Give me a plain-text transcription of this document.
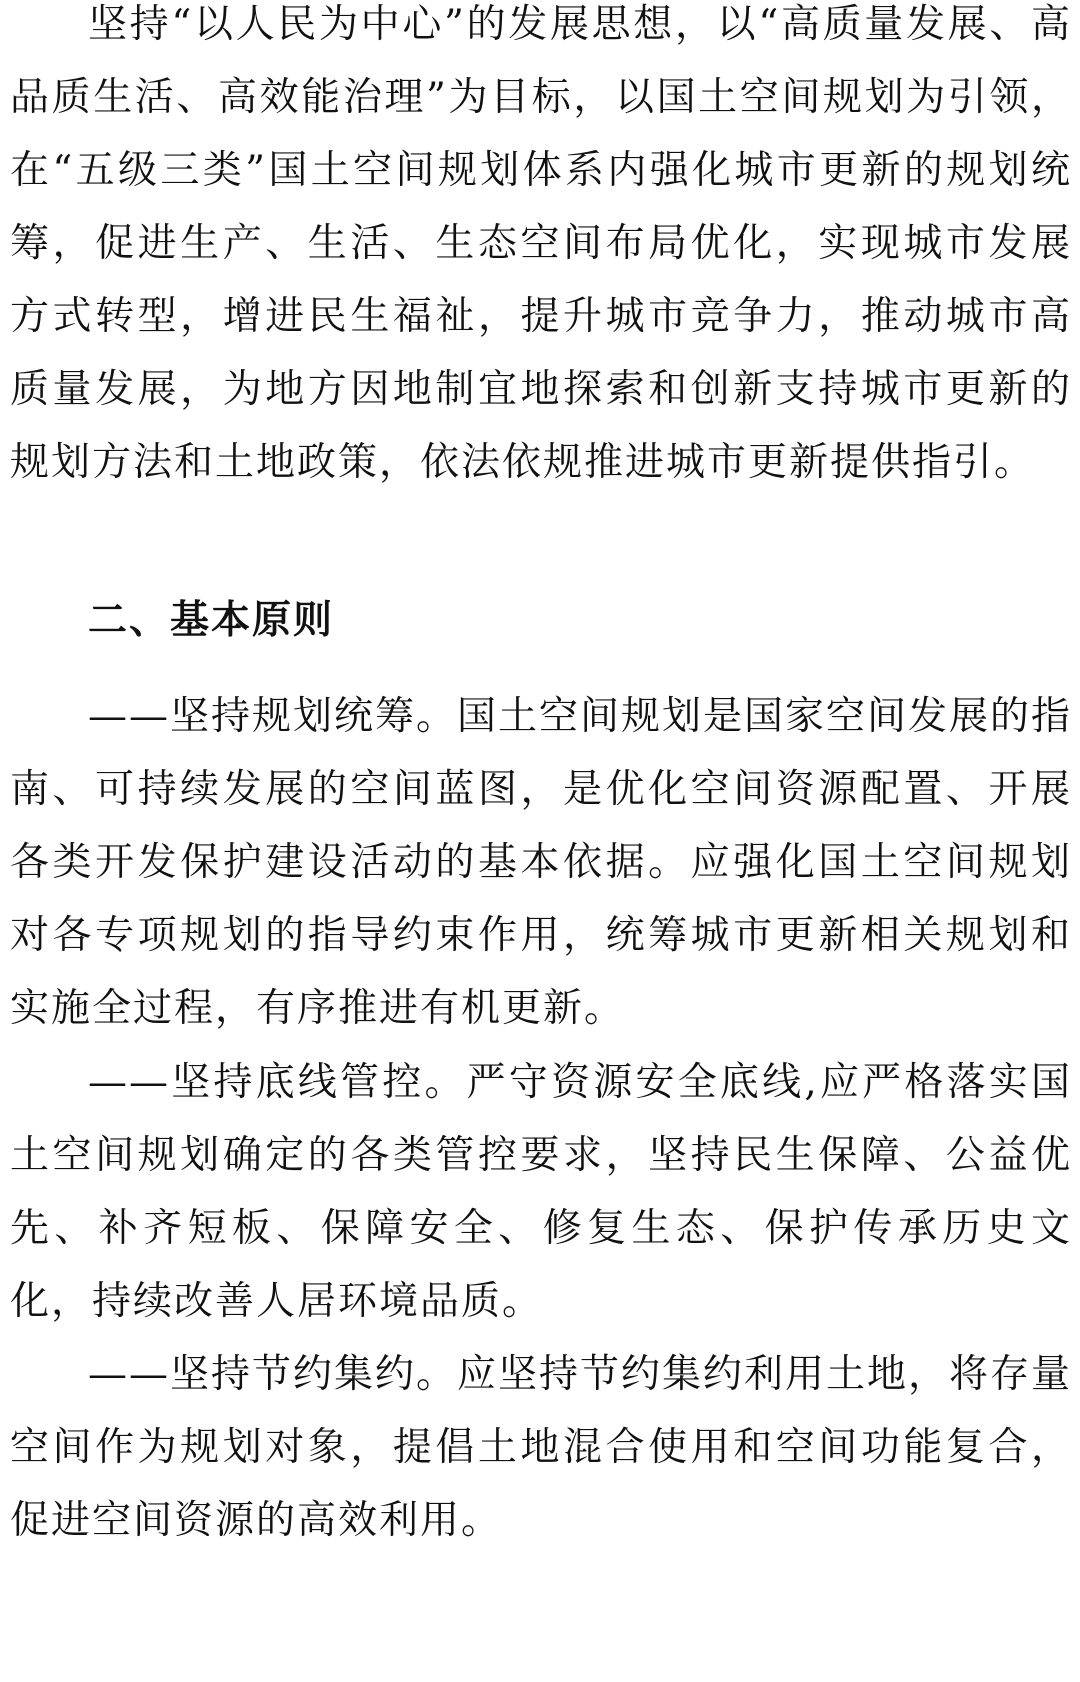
坚持“以人民为中心”的发展思想，以“高质量发展、高品质生活、高效能治理”为目标，以国土空间规划为引领，在“五级三类”国土空间规划体系内强化城市更新的规划统筹，促进生产、生活、生态空间布局优化，实现城市发展方式转型，增进民生福祉，提升城市竞争力，推动城市高质量发展，为地方因地制宜地探索和创新支持城市更新的规划方法和土地政策，依法依规推进城市更新提供指引。

二、基本原则

——坚持规划统筹。国土空间规划是国家空间发展的指南、可持续发展的空间蓝图，是优化空间资源配置、开展各类开发保护建设活动的基本依据。应强化国土空间规划对各专项规划的指导约束作用，统筹城市更新相关规划和实施全过程，有序推进有机更新。

——坚持底线管控。严守资源安全底线,应严格落实国土空间规划确定的各类管控要求，坚持民生保障、公益优先、补齐短板、保障安全、修复生态、保护传承历史文化，持续改善人居环境品质。

——坚持节约集约。应坚持节约集约利用土地，将存量空间作为规划对象，提倡土地混合使用和空间功能复合，促进空间资源的高效利用。
